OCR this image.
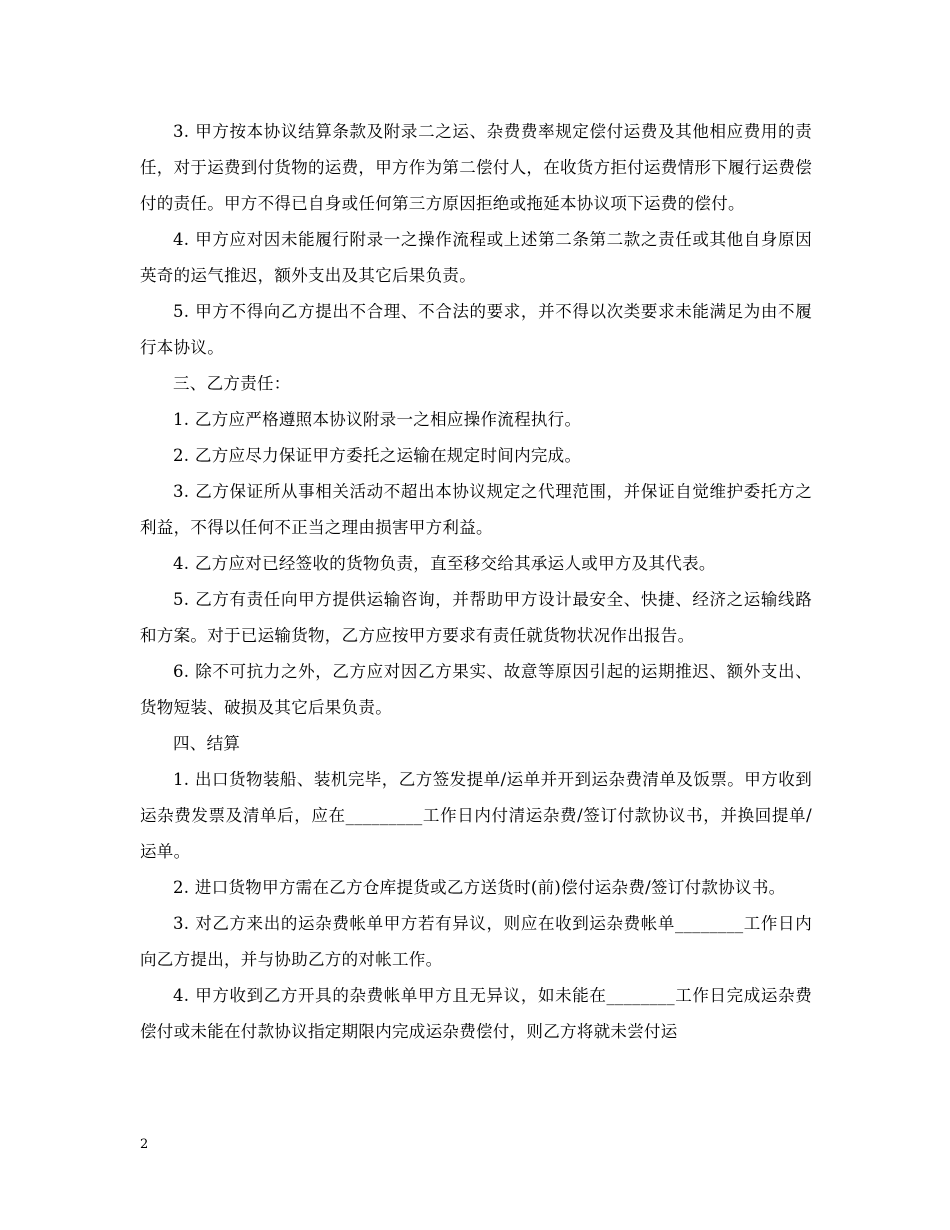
3. 甲方按本协议结算条款及附录二之运、杂费费率规定偿付运费及其他相应费用的责任，对于运费到付货物的运费，甲方作为第二偿付人，在收货方拒付运费情形下履行运费偿付的责任。甲方不得已自身或任何第三方原因拒绝或拖延本协议项下运费的偿付。

4. 甲方应对因未能履行附录一之操作流程或上述第二条第二款之责任或其他自身原因英奇的运气推迟，额外支出及其它后果负责。

5. 甲方不得向乙方提出不合理、不合法的要求，并不得以次类要求未能满足为由不履行本协议。

三、乙方责任：

1. 乙方应严格遵照本协议附录一之相应操作流程执行。

2. 乙方应尽力保证甲方委托之运输在规定时间内完成。

3. 乙方保证所从事相关活动不超出本协议规定之代理范围，并保证自觉维护委托方之利益，不得以任何不正当之理由损害甲方利益。

4. 乙方应对已经签收的货物负责，直至移交给其承运人或甲方及其代表。

5. 乙方有责任向甲方提供运输咨询，并帮助甲方设计最安全、快捷、经济之运输线路和方案。对于已运输货物，乙方应按甲方要求有责任就货物状况作出报告。

6. 除不可抗力之外，乙方应对因乙方果实、故意等原因引起的运期推迟、额外支出、货物短装、破损及其它后果负责。

四、结算

1. 出口货物装船、装机完毕，乙方签发提单/运单并开到运杂费清单及饭票。甲方收到运杂费发票及清单后，应在_________工作日内付清运杂费/签订付款协议书，并换回提单/运单。

2. 进口货物甲方需在乙方仓库提货或乙方送货时(前)偿付运杂费/签订付款协议书。

3. 对乙方来出的运杂费帐单甲方若有异议，则应在收到运杂费帐单________工作日内向乙方提出，并与协助乙方的对帐工作。

4. 甲方收到乙方开具的杂费帐单甲方且无异议，如未能在________工作日完成运杂费偿付或未能在付款协议指定期限内完成运杂费偿付，则乙方将就未尝付运

2
